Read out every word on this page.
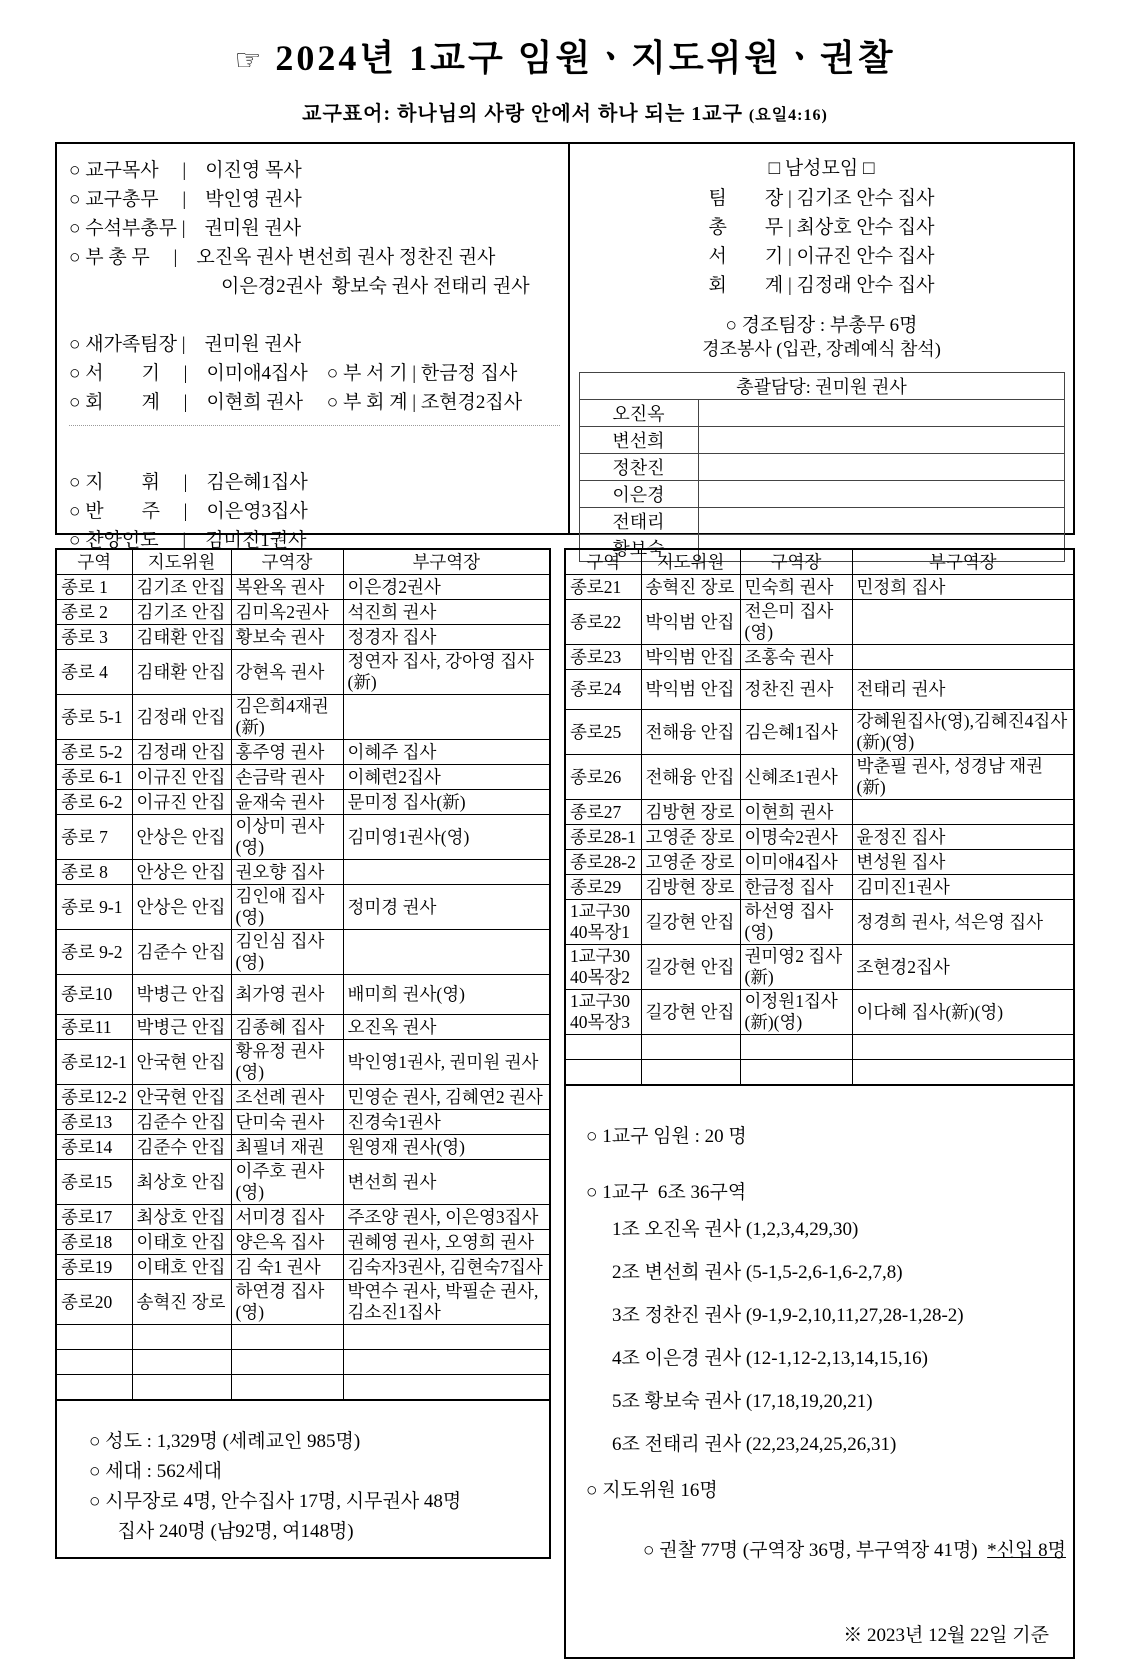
☞ 2024년 1교구 임원ㆍ지도위원ㆍ권찰
교구표어: 하나님의 사랑 안에서 하나 되는 1교구 (요일4:16)
○ 교구목사　 |　이진영 목사
○ 교구총무　 |　박인영 권사
○ 수석부총무 |　권미원 권사
○ 부 총 무　 |　오진옥 권사 변선희 권사 정찬진 권사
　　　　　　　　이은경2권사  황보숙 권사 전태리 권사
○ 새가족팀장 |　권미원 권사
○ 서　　기　 |　이미애4집사　○ 부 서 기 | 한금정 집사
○ 회　　계　 |　이현희 권사　 ○ 부 회 계 | 조현경2집사
○ 지　　휘　 |　김은혜1집사
○ 반　　주　 |　이은영3집사
○ 찬양인도　 |　김미진1권사
□ 남성모임 □
팀　　장 | 김기조 안수 집사
총　　무 | 최상호 안수 집사
서　　기 | 이규진 안수 집사
회　　계 | 김정래 안수 집사
○ 경조팀장 : 부총무 6명
경조봉사 (입관, 장례예식 참석)
총괄담당: 권미원 권사	
오진옥	
변선희	
정찬진	
이은경	
전태리	
황보숙	
구역	지도위원	구역장	부구역장
종로 1	김기조 안집	복완옥 권사	이은경2권사
종로 2	김기조 안집	김미옥2권사	석진희 권사
종로 3	김태환 안집	황보숙 권사	정경자 집사
종로 4	김태환 안집	강현옥 권사	정연자 집사, 강아영 집사(新)
종로 5-1	김정래 안집	김은희4재권(新)	
종로 5-2	김정래 안집	홍주영 권사	이혜주 집사
종로 6-1	이규진 안집	손금락 권사	이혜련2집사
종로 6-2	이규진 안집	윤재숙 권사	문미정 집사(新)
종로 7	안상은 안집	이상미 권사(영)	김미영1권사(영)
종로 8	안상은 안집	권오향 집사	
종로 9-1	안상은 안집	김인애 집사(영)	정미경 권사
종로 9-2	김준수 안집	김인심 집사(영)	
종로10	박병근 안집	최가영 권사	배미희 권사(영)
종로11	박병근 안집	김종혜 집사	오진옥 권사
종로12-1	안국현 안집	황유정 권사(영)	박인영1권사, 권미원 권사
종로12-2	안국현 안집	조선례 권사	민영순 권사, 김혜연2 권사
종로13	김준수 안집	단미숙 권사	진경숙1권사
종로14	김준수 안집	최필녀 재권	원영재 권사(영)
종로15	최상호 안집	이주호 권사(영)	변선희 권사
종로17	최상호 안집	서미경 집사	주조양 권사, 이은영3집사
종로18	이태호 안집	양은옥 집사	권혜영 권사, 오영희 권사
종로19	이태호 안집	김 숙1 권사	김숙자3권사, 김현숙7집사
종로20	송혁진 장로	하연경 집사(영)	박연수 권사, 박필순 권사, 김소진1집사

○ 성도 : 1,329명 (세례교인 985명)
○ 세대 : 562세대
○ 시무장로 4명, 안수집사 17명, 시무권사 48명
　  집사 240명 (남92명, 여148명)
구역	지도위원	구역장	부구역장
종로21	송혁진 장로	민숙희 권사	민정희 집사
종로22	박익범 안집	전은미 집사(영)	
종로23	박익범 안집	조홍숙 권사	
종로24	박익범 안집	정찬진 권사	전태리 권사
종로25	전해융 안집	김은혜1집사	강혜원집사(영),김혜진4집사(新)(영)
종로26	전해융 안집	신혜조1권사	박춘필 권사, 성경남 재권(新)
종로27	김방현 장로	이현희 권사	
종로28-1	고영준 장로	이명숙2권사	윤정진 집사
종로28-2	고영준 장로	이미애4집사	변성원 집사
종로29	김방현 장로	한금정 집사	김미진1권사
1교구3040목장1	길강현 안집	하선영 집사(영)	정경희 권사, 석은영 집사
1교구3040목장2	길강현 안집	권미영2 집사(新)	조현경2집사
1교구3040목장3	길강현 안집	이정원1집사(新)(영)	이다혜 집사(新)(영)

○ 1교구 임원 : 20 명
○ 1교구  6조 36구역
1조 오진옥 권사 (1,2,3,4,29,30)
2조 변선희 권사 (5-1,5-2,6-1,6-2,7,8)
3조 정찬진 권사 (9-1,9-2,10,11,27,28-1,28-2)
4조 이은경 권사 (12-1,12-2,13,14,15,16)
5조 황보숙 권사 (17,18,19,20,21)
6조 전태리 권사 (22,23,24,25,26,31)
○ 지도위원 16명

○ 권찰 77명 (구역장 36명, 부구역장 41명)  *신입 8명

※ 2023년 12월 22일 기준
